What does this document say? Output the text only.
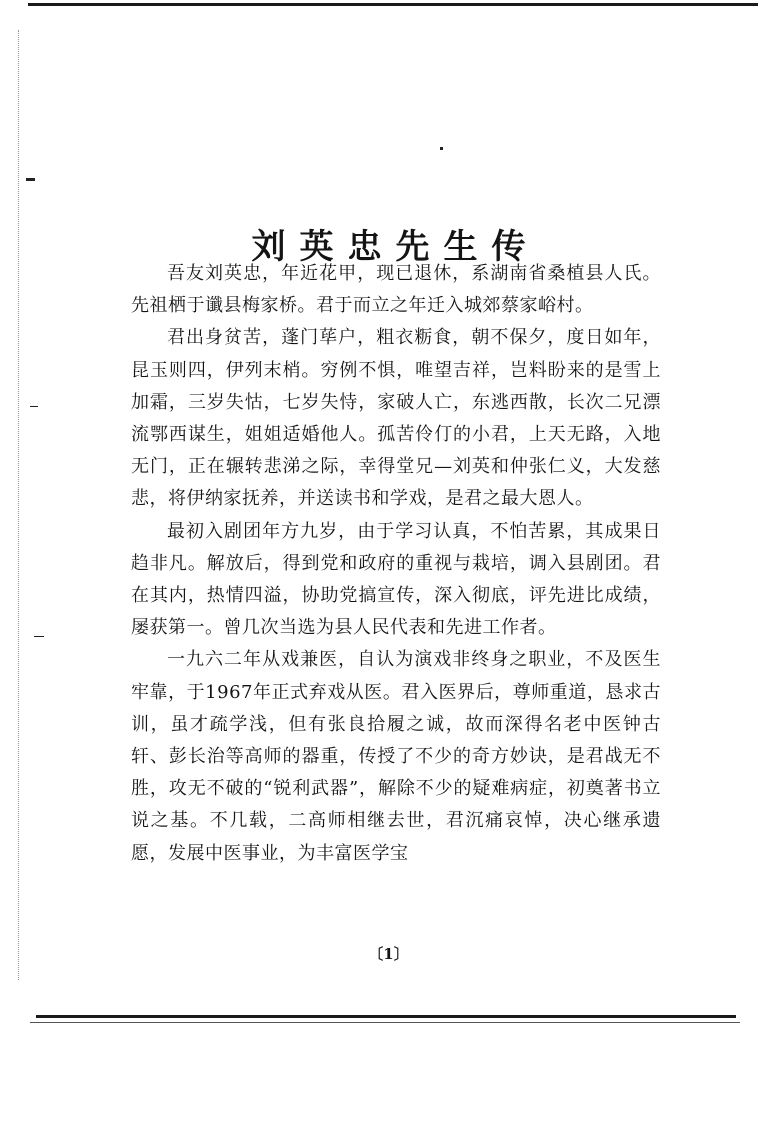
刘英忠先生传

吾友刘英忠，年近花甲，现已退休，系湖南省桑植县人氏。先祖栖于谶县梅家桥。君于而立之年迁入城郊蔡家峪村。

君出身贫苦，蓬门荜户，粗衣粝食，朝不保夕，度日如年，昆玉则四，伊列末梢。穷例不惧，唯望吉祥，岂料盼来的是雪上加霜，三岁失怙，七岁失恃，家破人亡，东逃西散，长次二兄漂流鄂西谋生，姐姐适婚他人。孤苦伶仃的小君，上天无路，入地无门，正在辗转悲涕之际，幸得堂兄—刘英和仲张仁义，大发慈悲，将伊纳家抚养，并送读书和学戏，是君之最大恩人。

最初入剧团年方九岁，由于学习认真，不怕苦累，其成果日趋非凡。解放后，得到党和政府的重视与栽培，调入县剧团。君在其内，热情四溢，协助党搞宣传，深入彻底，评先进比成绩，屡获第一。曾几次当选为县人民代表和先进工作者。

一九六二年从戏兼医，自认为演戏非终身之职业，不及医生牢靠，于1967年正式弃戏从医。君入医界后，尊师重道，恳求古训，虽才疏学浅，但有张良拾履之诚，故而深得名老中医钟古轩、彭长治等高师的器重，传授了不少的奇方妙诀，是君战无不胜，攻无不破的“锐利武器”，解除不少的疑难病症，初奠著书立说之基。不几载，二高师相继去世，君沉痛哀悼，决心继承遗愿，发展中医事业，为丰富医学宝

〔1〕
